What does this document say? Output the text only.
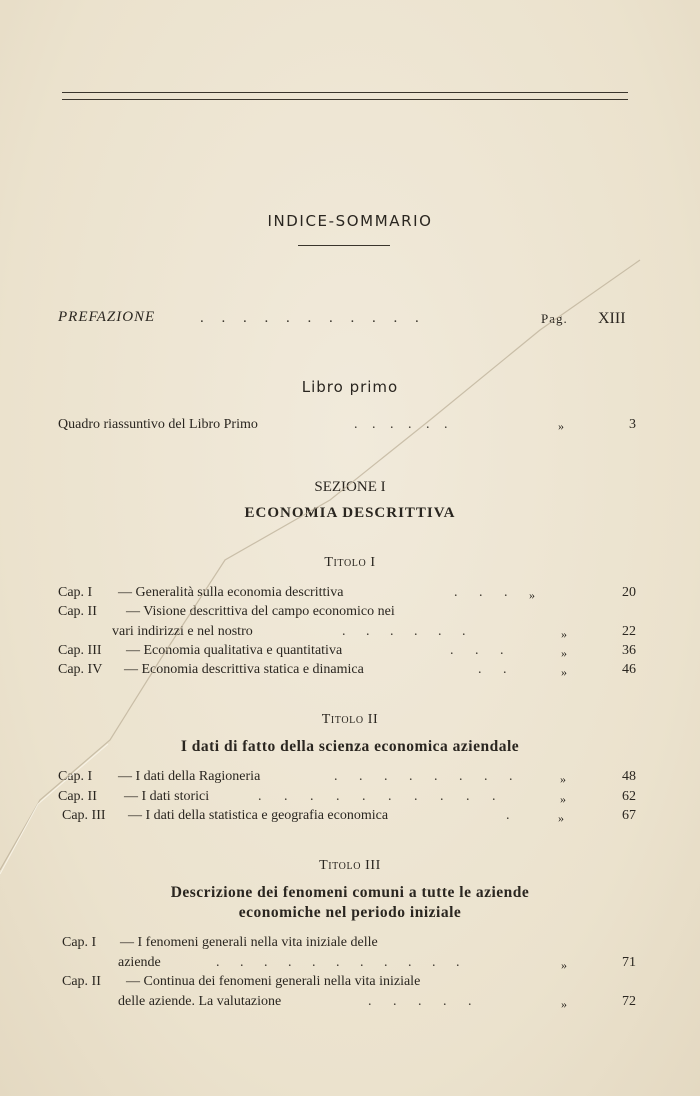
INDICE-SOMMARIO
PREFAZIONE	. . . . . . . . . . .	Pag. XIII
Libro primo
Quadro riassuntivo del Libro Primo	. . . . . .	»	3
SEZIONE I
ECONOMIA DESCRITTIVA
Titolo I
Cap. I — Generalità sulla economia descrittiva	. . . »	20
Cap. II — Visione descrittiva del campo economico nei
vari indirizzi e nel nostro	. . . . . .	»	22
Cap. III — Economia qualitativa e quantitativa	. . .	»	36
Cap. IV — Economia descrittiva statica e dinamica	. .	»	46
Titolo II
I dati di fatto della scienza economica aziendale
Cap. I — I dati della Ragioneria	. . . . . . . .	»	48
Cap. II — I dati storici	. . . . . . . . . .	»	62
Cap. III — I dati della statistica e geografia economica	.	»	67
Titolo III
Descrizione dei fenomeni comuni a tutte le aziende
economiche nel periodo iniziale
Cap. I — I fenomeni generali nella vita iniziale delle
aziende	. . . . . . . . . . .	»	71
Cap. II — Continua dei fenomeni generali nella vita iniziale
delle aziende. La valutazione	. . . . .	»	72
